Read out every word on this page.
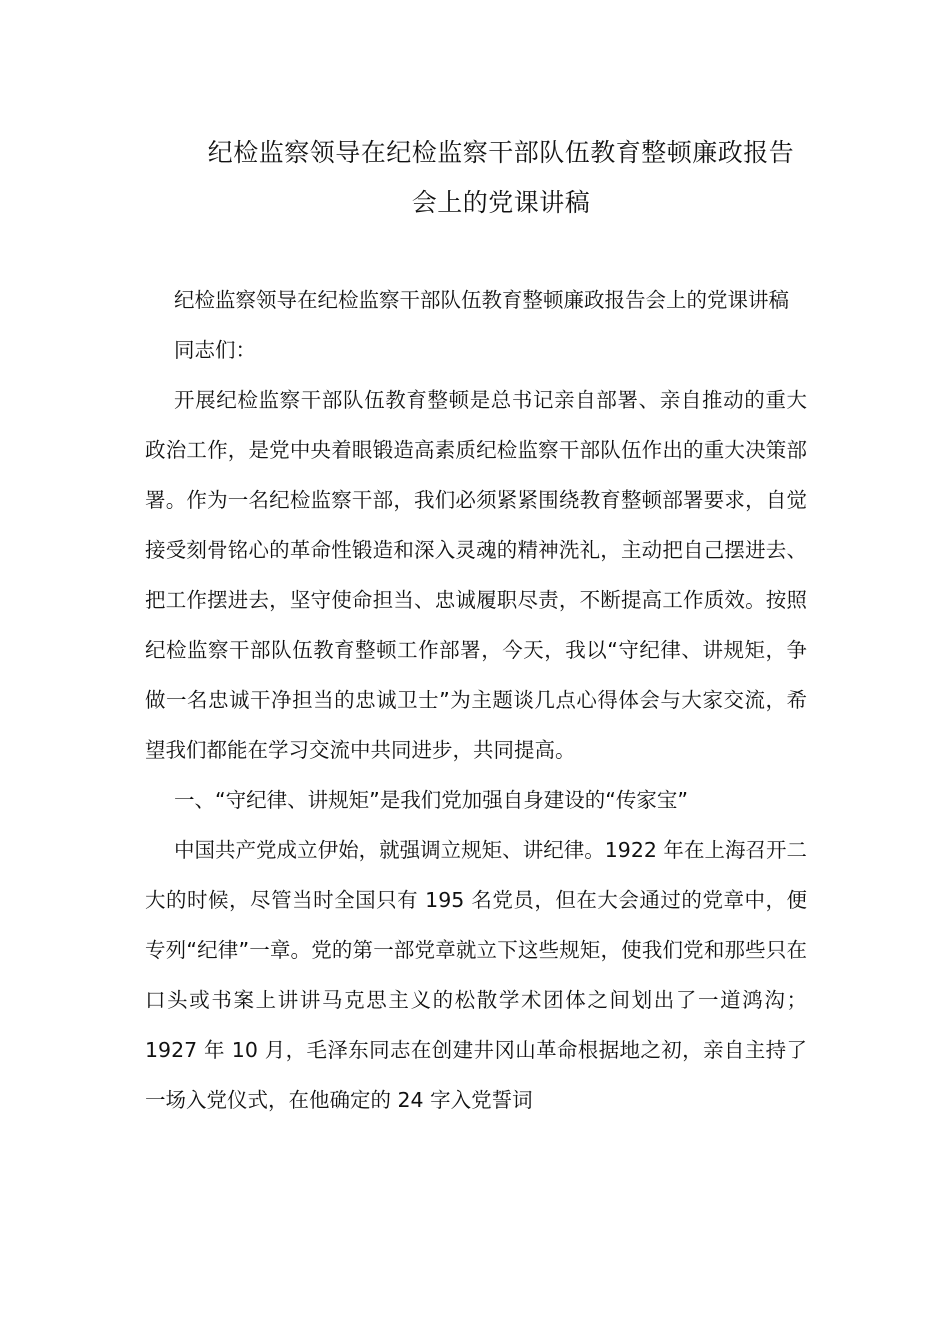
纪检监察领导在纪检监察干部队伍教育整顿廉政报告
会上的党课讲稿

纪检监察领导在纪检监察干部队伍教育整顿廉政报告会上的党课讲稿

同志们：

开展纪检监察干部队伍教育整顿是总书记亲自部署、亲自推动的重大政治工作，是党中央着眼锻造高素质纪检监察干部队伍作出的重大决策部署。作为一名纪检监察干部，我们必须紧紧围绕教育整顿部署要求，自觉接受刻骨铭心的革命性锻造和深入灵魂的精神洗礼，主动把自己摆进去、把工作摆进去，坚守使命担当、忠诚履职尽责，不断提高工作质效。按照纪检监察干部队伍教育整顿工作部署，今天，我以“守纪律、讲规矩，争做一名忠诚干净担当的忠诚卫士”为主题谈几点心得体会与大家交流，希望我们都能在学习交流中共同进步，共同提高。

一、“守纪律、讲规矩”是我们党加强自身建设的“传家宝”

中国共产党成立伊始，就强调立规矩、讲纪律。1922 年在上海召开二大的时候，尽管当时全国只有 195 名党员，但在大会通过的党章中，便专列“纪律”一章。党的第一部党章就立下这些规矩，使我们党和那些只在口头或书案上讲讲马克思主义的松散学术团体之间划出了一道鸿沟；1927 年 10 月，毛泽东同志在创建井冈山革命根据地之初，亲自主持了一场入党仪式，在他确定的 24 字入党誓词
